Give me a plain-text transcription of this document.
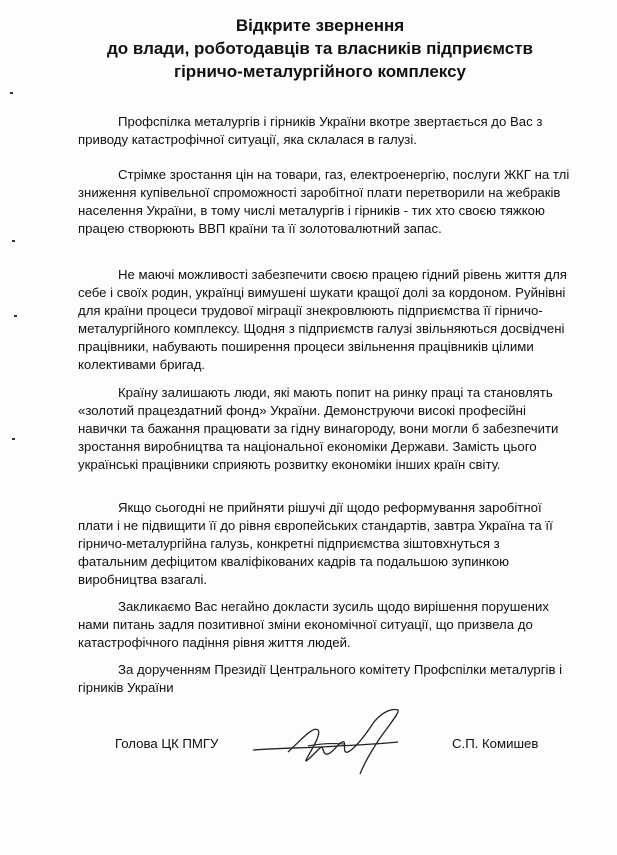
Відкрите звернення
до влади, роботодавців та власників підприємств
гірничо-металургійного комплексу

Профспілка металургів і гірників України вкотре звертається до Вас з приводу катастрофічної ситуації, яка склалася в галузі.

Стрімке зростання цін на товари, газ, електроенергію, послуги ЖКГ на тлі зниження купівельної спроможності заробітної плати перетворили на жебраків населення України, в тому числі металургів і гірників - тих хто своєю тяжкою працею створюють ВВП країни та її золотовалютний запас.

Не маючі можливості забезпечити своєю працею гідний рівень життя для себе і своїх родин, українці вимушені шукати кращої долі за кордоном. Руйнівні для країни процеси трудової міграції знекровлюють підприємства її гірничо-металургійного комплексу. Щодня з підприємств галузі звільняються досвідчені працівники, набувають поширення процеси звільнення працівників цілими колективами бригад.

Країну залишають люди, які мають попит на ринку праці та становлять «золотий працездатний фонд» України. Демонструючи високі професійні навички та бажання працювати за гідну винагороду, вони могли б забезпечити зростання виробництва та національної економіки Держави. Замість цього українські працівники сприяють розвитку економіки інших країн світу.

Якщо сьогодні не прийняти рішучі дії щодо реформування заробітної плати і не підвищити її до рівня європейських стандартів, завтра Україна та її гірничо-металургійна галузь, конкретні підприємства зіштовхнуться з фатальним дефіцитом кваліфікованих кадрів та подальшою зупинкою виробництва взагалі.

Закликаємо Вас негайно докласти зусиль щодо вирішення порушених нами питань задля позитивної зміни економічної ситуації, що призвела до катастрофічного падіння рівня життя людей.

За дорученням Президії Центрального комітету Профспілки металургів і гірників України

Голова ЦК ПМГУ	С.П. Комишев
